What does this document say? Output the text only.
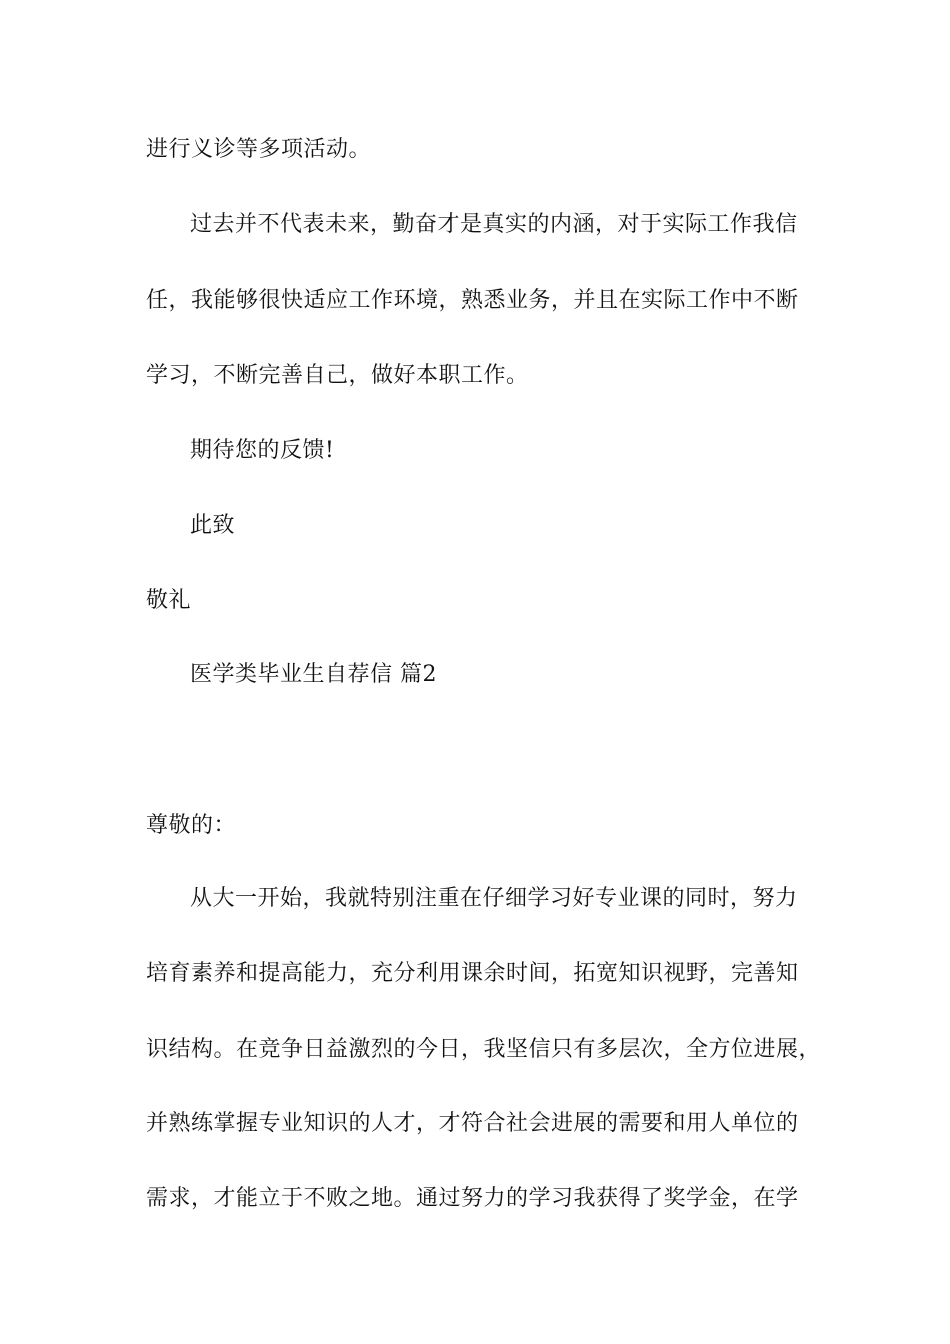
进行义诊等多项活动。
过去并不代表未来，勤奋才是真实的内涵，对于实际工作我信
任，我能够很快适应工作环境，熟悉业务，并且在实际工作中不断
学习，不断完善自己，做好本职工作。
期待您的反馈!
此致
敬礼
医学类毕业生自荐信 篇2
尊敬的：
从大一开始，我就特别注重在仔细学习好专业课的同时，努力
培育素养和提高能力，充分利用课余时间，拓宽知识视野，完善知
识结构。在竞争日益激烈的今日，我坚信只有多层次，全方位进展，
并熟练掌握专业知识的人才，才符合社会进展的需要和用人单位的
需求，才能立于不败之地。通过努力的学习我获得了奖学金，在学
